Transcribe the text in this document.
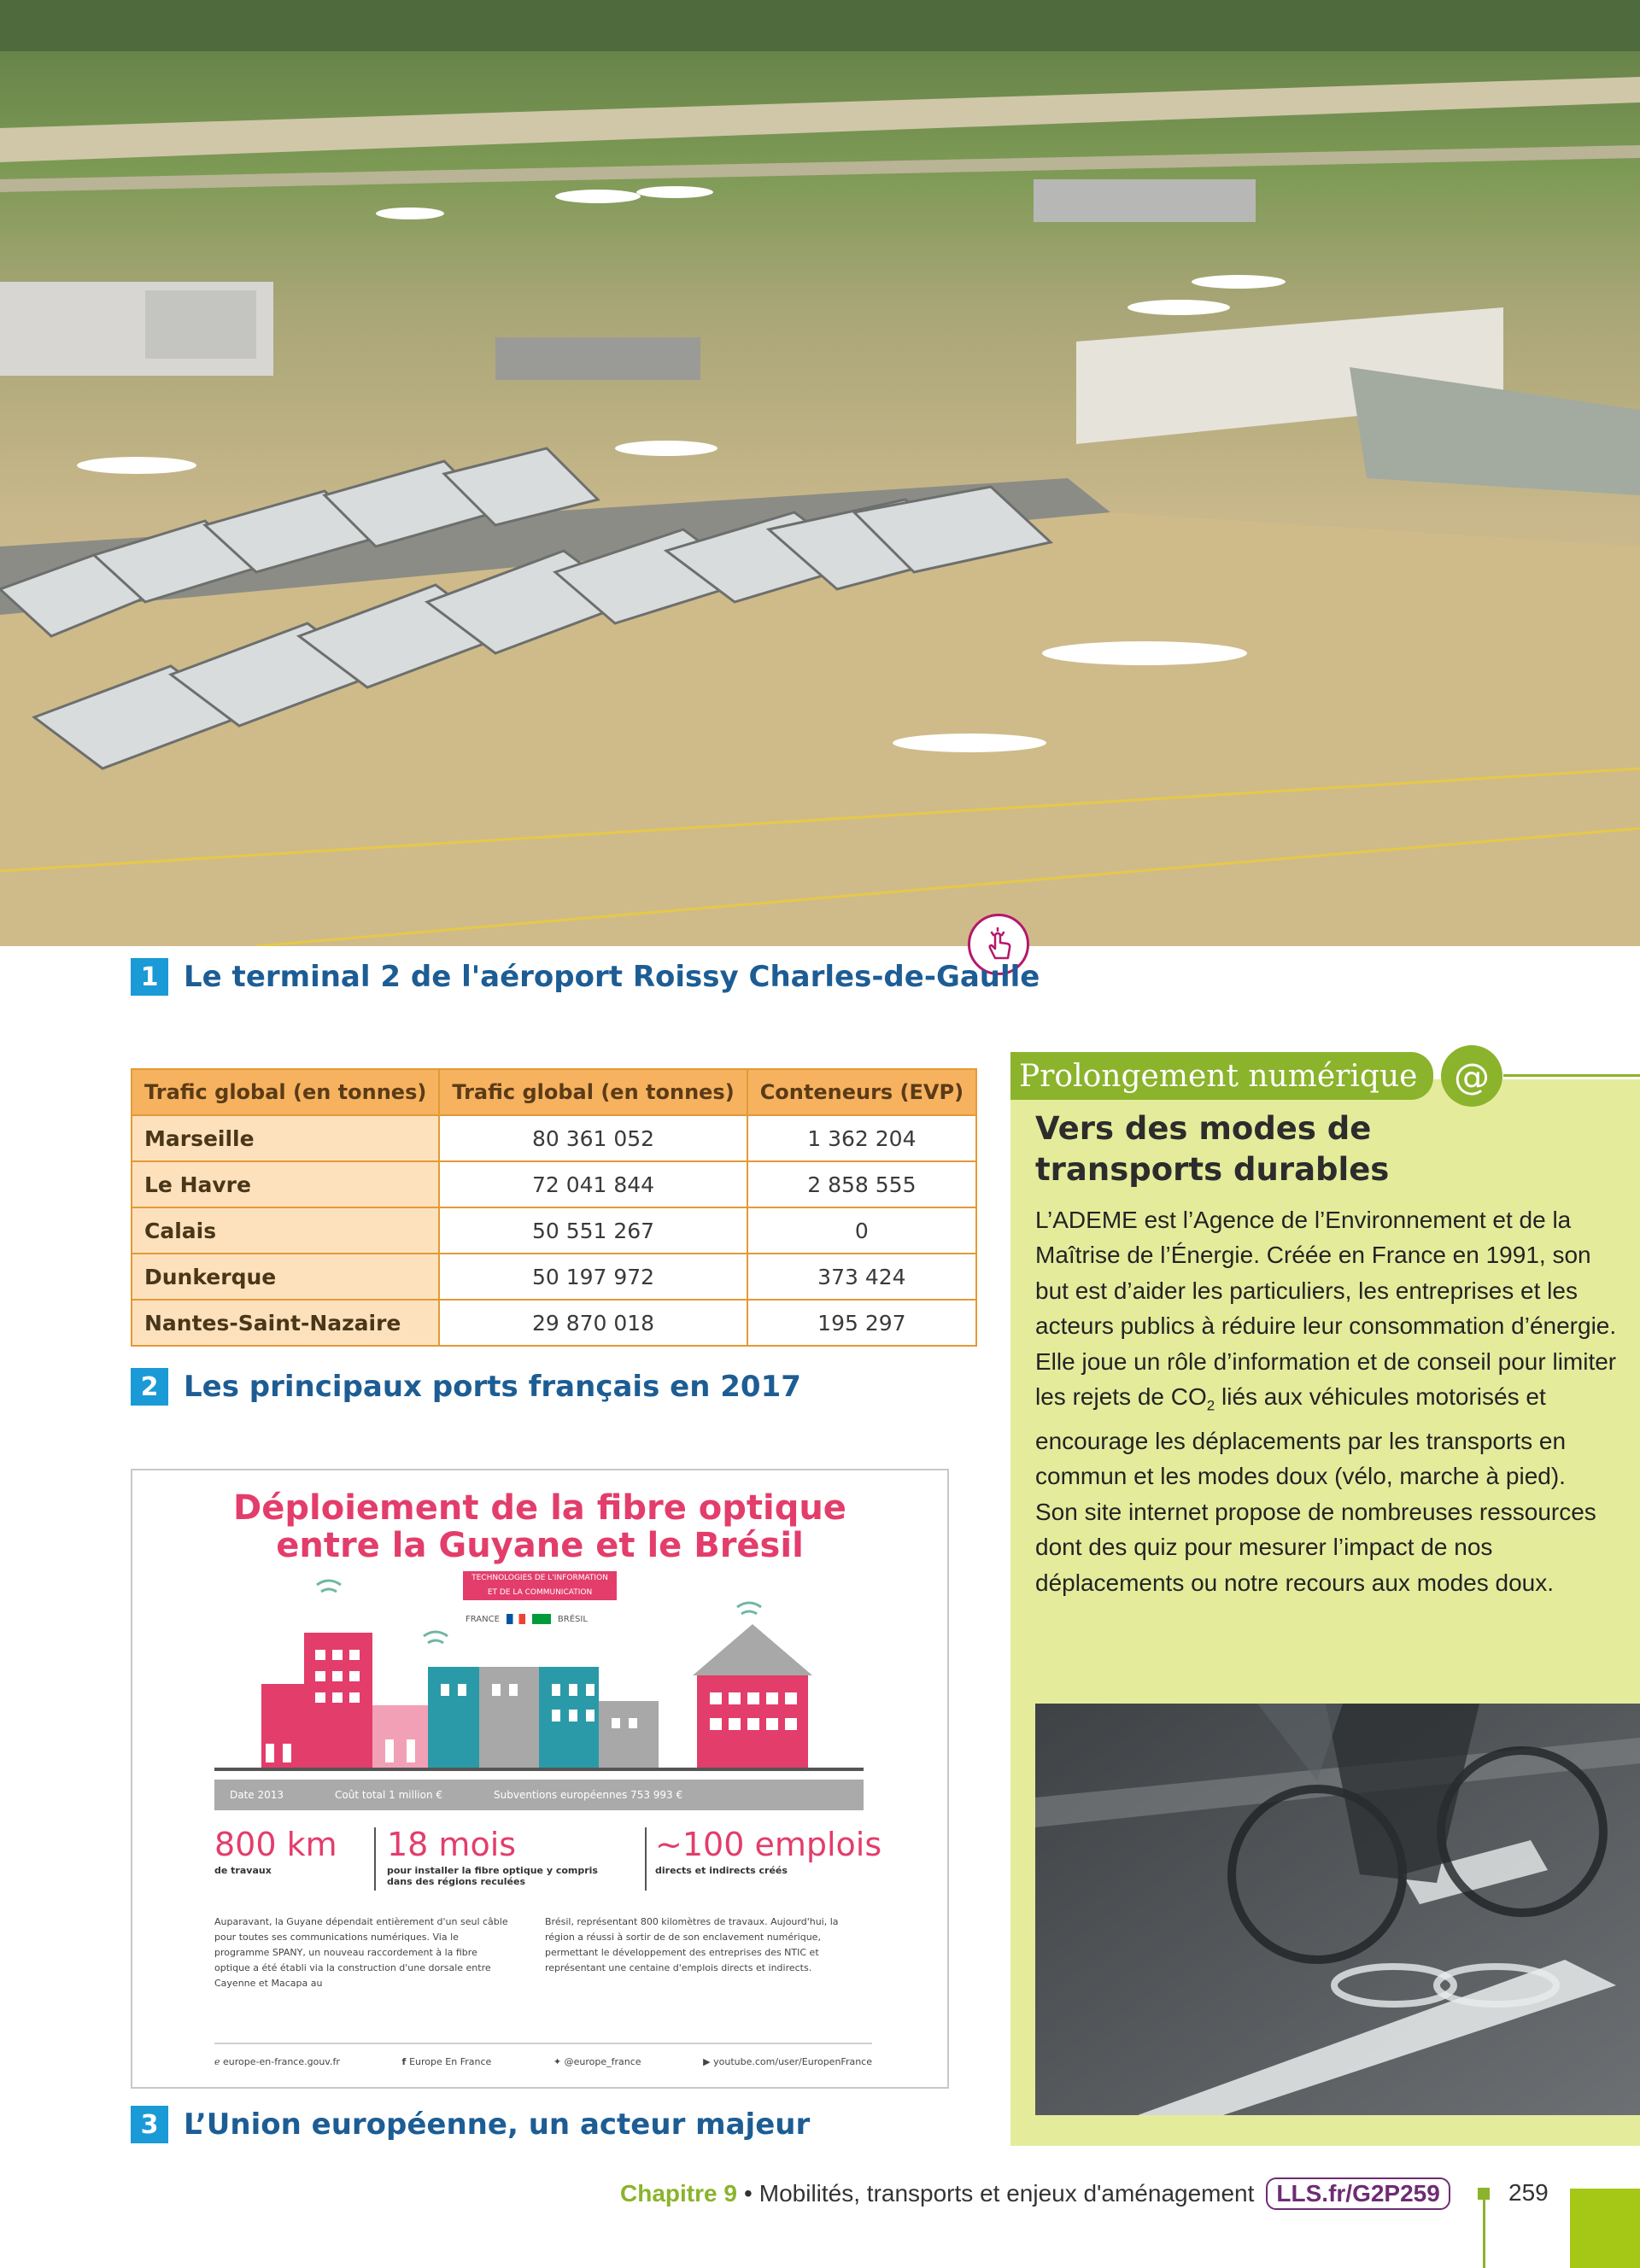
1 Le terminal 2 de l'aéroport Roissy Charles-de-Gaulle
Trafic global (en tonnes)	Trafic global (en tonnes)	Conteneurs (EVP)
Marseille	80 361 052	1 362 204
Le Havre	72 041 844	2 858 555
Calais	50 551 267	0
Dunkerque	50 197 972	373 424
Nantes-Saint-Nazaire	29 870 018	195 297
2 Les principaux ports français en 2017
Déploiement de la fibre optique
entre la Guyane et le Brésil
TECHNOLOGIES DE L'INFORMATION
ET DE LA COMMUNICATION
FRANCE	BRÉSIL
Date 2013	Coût total 1 million €	Subventions européennes 753 993 €
800 km
de travaux
18 mois
pour installer la fibre optique y compris
dans des régions reculées
~100 emplois
directs et indirects créés
Auparavant, la Guyane dépendait entièrement d'un seul câble pour toutes ses communications numériques. Via le programme SPANY, un nouveau raccordement à la fibre optique a été établi via la construction d'une dorsale entre Cayenne et Macapa au
Brésil, représentant 800 kilomètres de travaux. Aujourd'hui, la région a réussi à sortir de de son enclavement numérique, permettant le développement des entreprises des NTIC et représentant une centaine d'emplois directs et indirects.
ℯ europe-en-france.gouv.fr	f Europe En France	✦ @europe_france	▶ youtube.com/user/EuropenFrance
3 L’Union européenne, un acteur majeur
Prolongement numérique	@
Vers des modes de
transports durables
L’ADEME est l’Agence de l’Environnement et de la Maîtrise de l’Énergie. Créée en France en 1991, son but est d’aider les particuliers, les entreprises et les acteurs publics à réduire leur consommation d’énergie.
Elle joue un rôle d’information et de conseil pour limiter les rejets de $CO_2$ liés aux véhicules motorisés et encourage les déplacements par les transports en commun et les modes doux (vélo, marche à pied).
Son site internet propose de nombreuses ressources dont des quiz pour mesurer l’impact de nos déplacements ou notre recours aux modes doux.
Chapitre 9 • Mobilités, transports et enjeux d'aménagement LLS.fr/G2P259	259
